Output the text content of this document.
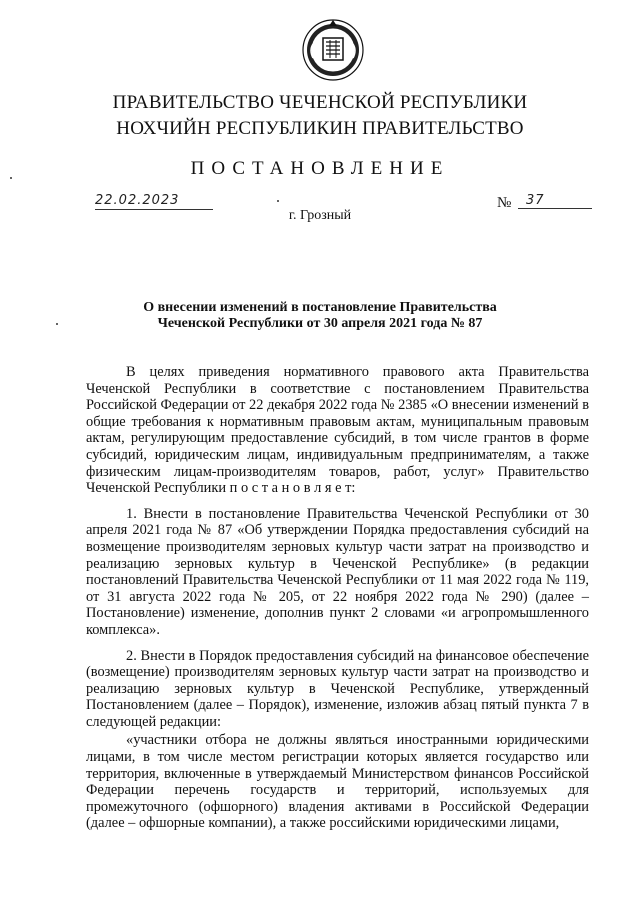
ПРАВИТЕЛЬСТВО ЧЕЧЕНСКОЙ РЕСПУБЛИКИ
НОХЧИЙН РЕСПУБЛИКИН ПРАВИТЕЛЬСТВО
ПОСТАНОВЛЕНИЕ
22.02.2023	№	37
г. Грозный
О внесении изменений в постановление Правительства
Чеченской Республики от 30 апреля 2021 года № 87

В целях приведения нормативного правового акта Правительства Чеченской Республики в соответствие с постановлением Правительства Российской Федерации от 22 декабря 2022 года № 2385 «О внесении изменений в общие требования к нормативным правовым актам, муниципальным правовым актам, регулирующим предоставление субсидий, в том числе грантов в форме субсидий, юридическим лицам, индивидуальным предпринимателям, а также физическим лицам-производителям товаров, работ, услуг» Правительство Чеченской Республики п о с т а н о в л я е т:

1. Внести в постановление Правительства Чеченской Республики от 30 апреля 2021 года № 87 «Об утверждении Порядка предоставления субсидий на возмещение производителям зерновых культур части затрат на производство и реализацию зерновых культур в Чеченской Республике» (в редакции постановлений Правительства Чеченской Республики от 11 мая 2022 года № 119, от 31 августа 2022 года № 205, от 22 ноября 2022 года № 290) (далее – Постановление) изменение, дополнив пункт 2 словами «и агропромышленного комплекса».

2. Внести в Порядок предоставления субсидий на финансовое обеспечение (возмещение) производителям зерновых культур части затрат на производство и реализацию зерновых культур в Чеченской Республике, утвержденный Постановлением (далее – Порядок), изменение, изложив абзац пятый пункта 7 в следующей редакции:

«участники отбора не должны являться иностранными юридическими лицами, в том числе местом регистрации которых является государство или территория, включенные в утверждаемый Министерством финансов Российской Федерации перечень государств и территорий, используемых для промежуточного (офшорного) владения активами в Российской Федерации (далее – офшорные компании), а также российскими юридическими лицами,
